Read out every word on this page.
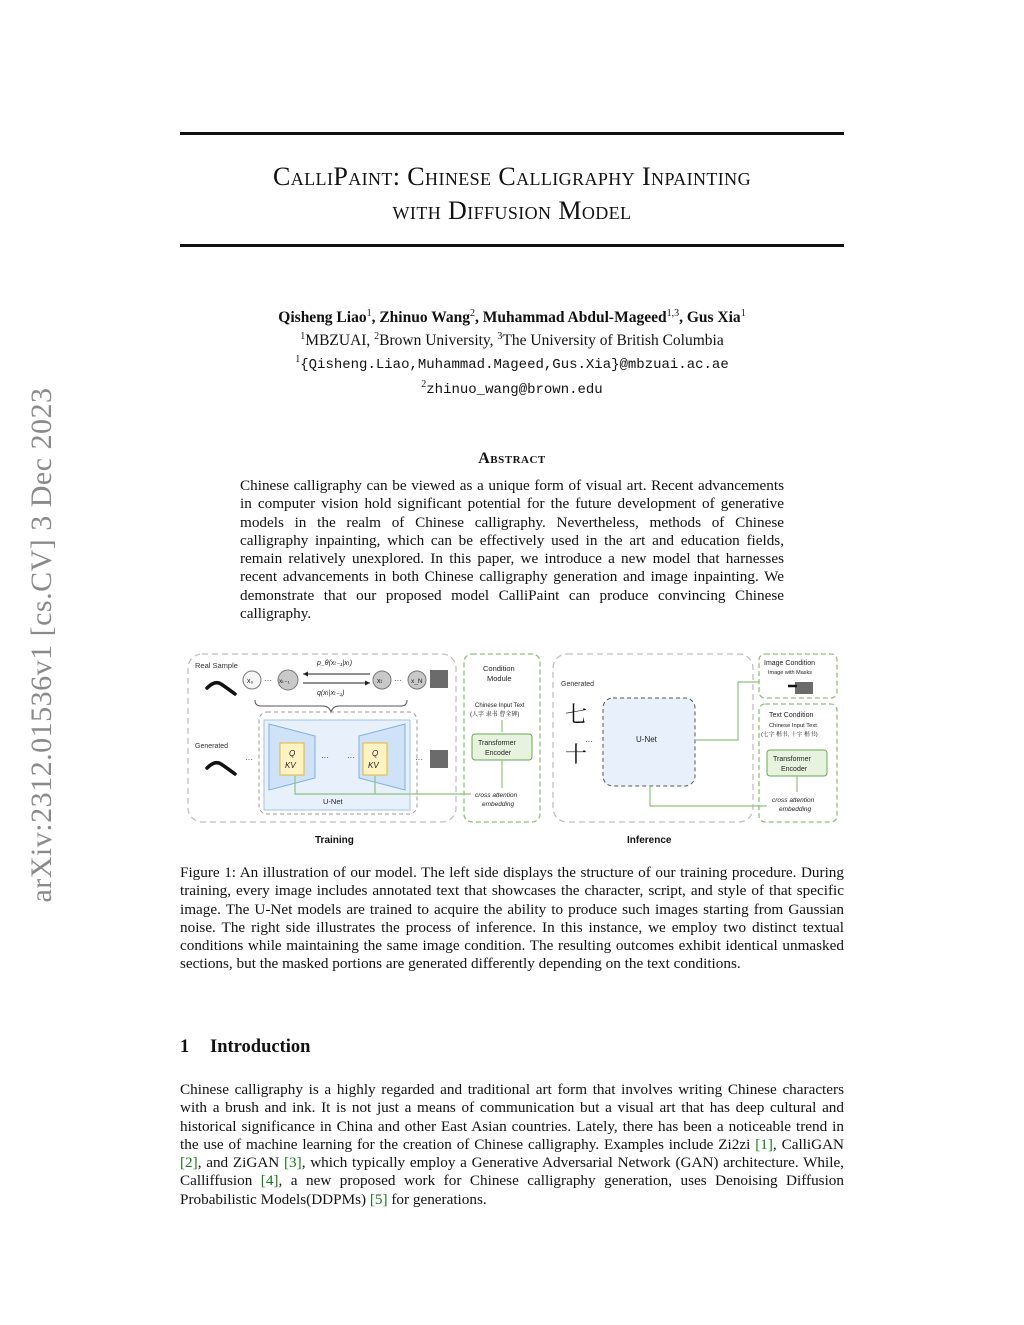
arXiv:2312.01536v1 [cs.CV] 3 Dec 2023
CalliPaint: Chinese Calligraphy Inpainting
with Diffusion Model
Qisheng Liao$^1$, Zhinuo Wang$^2$, Muhammad Abdul-Mageed$^{1,3}$, Gus Xia$^1$
$^1$MBZUAI, $^2$Brown University, $^3$The University of British Columbia
$^1${Qisheng.Liao,Muhammad.Mageed,Gus.Xia}@mbzuai.ac.ae
$^2$zhinuo_wang@brown.edu
Abstract
Chinese calligraphy can be viewed as a unique form of visual art. Recent advancements in computer vision hold significant potential for the future development of generative models in the realm of Chinese calligraphy. Nevertheless, methods of Chinese calligraphy inpainting, which can be effectively used in the art and education fields, remain relatively unexplored. In this paper, we introduce a new model that harnesses recent advancements in both Chinese calligraphy generation and image inpainting. We demonstrate that our proposed model CalliPaint can produce convincing Chinese calligraphy.
Real Sample
x₀ ··· xₜ₋₁
p_θ(xₜ₋₁|xₜ)
q(xₜ|xₜ₋₁)
xₜ ··· x_N
Q
KV
Q
KV
··· ···
U-Net
Generated
···	···
Condition
Module
Chinese Input Text
(人字 隶书 曹全碑)
Transformer
Encoder
cross attention
embedding
Generated
七
···
十
U-Net
Image Condition
Image with Masks
Text Condition
Chinese Input Text
(七字 楷书, 十字 楷书)
Transformer
Encoder
cross attention
embedding
Training	Inference
Figure 1: An illustration of our model. The left side displays the structure of our training procedure. During training, every image includes annotated text that showcases the character, script, and style of that specific image. The U-Net models are trained to acquire the ability to produce such images starting from Gaussian noise. The right side illustrates the process of inference. In this instance, we employ two distinct textual conditions while maintaining the same image condition. The resulting outcomes exhibit identical unmasked sections, but the masked portions are generated differently depending on the text conditions.
1 Introduction
Chinese calligraphy is a highly regarded and traditional art form that involves writing Chinese characters with a brush and ink. It is not just a means of communication but a visual art that has deep cultural and historical significance in China and other East Asian countries. Lately, there has been a noticeable trend in the use of machine learning for the creation of Chinese calligraphy. Examples include Zi2zi [1], CalliGAN [2], and ZiGAN [3], which typically employ a Generative Adversarial Network (GAN) architecture. While, Calliffusion [4], a new proposed work for Chinese calligraphy generation, uses Denoising Diffusion Probabilistic Models(DDPMs) [5] for generations.
